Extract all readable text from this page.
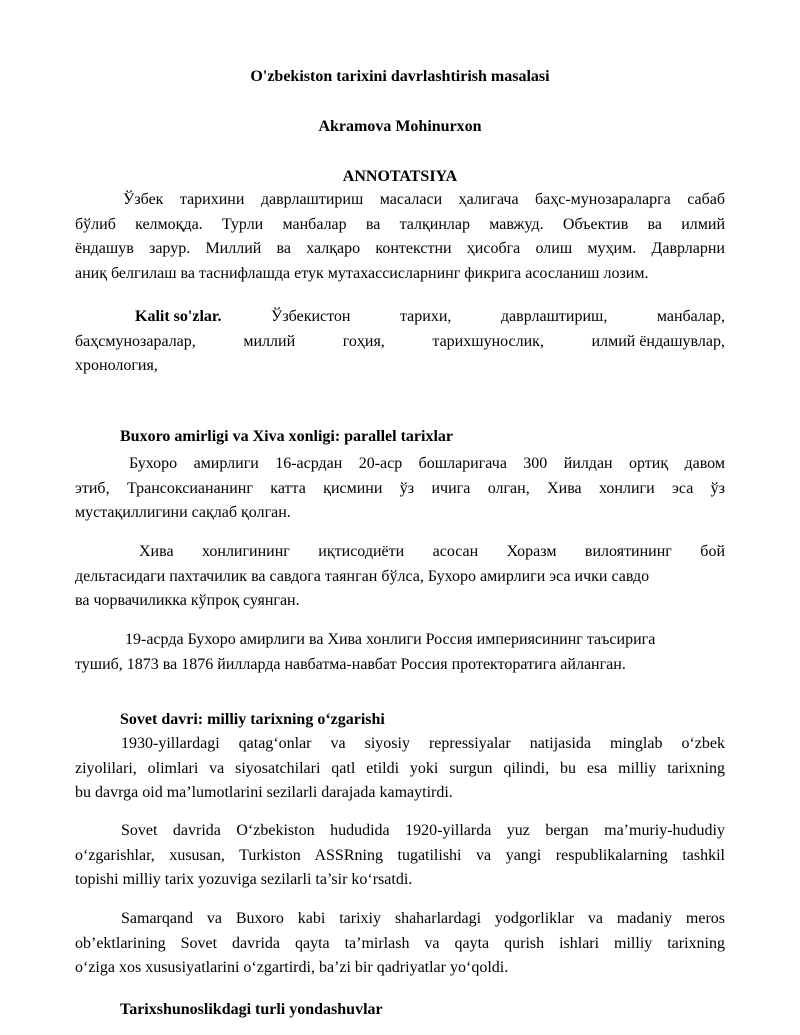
O'zbekiston tarixini davrlashtirish masalasi
Akramova Mohinurxon
ANNOTATSIYA
Ўзбек тарихини даврлаштириш масаласи ҳалигача баҳс-мунозараларга сабаб
бўлиб келмоқда. Турли манбалар ва талқинлар мавжуд. Объектив ва илмий
ёндашув зарур. Миллий ва халқаро контекстни ҳисобга олиш муҳим. Даврларни
аниқ белгилаш ва таснифлашда етук мутахассисларнинг фикрига асосланиш лозим.
Kalit so'zlar.	Ўзбекистон	тарихи,	даврлаштириш,	манбалар,
баҳсмунозаралар,	миллий	гоҳия,	тарихшунослик,	илмий ёндашувлар,
хронология,
Buxoro amirligi va Xiva xonligi: parallel tarixlar
Бухоро амирлиги 16-асрдан 20-аср бошларигача 300 йилдан ортиқ давом
этиб, Трансоксиананинг катта қисмини ўз ичига олган, Хива хонлиги эса ўз
мустақиллигини сақлаб қолган.
Хива хонлигининг иқтисодиёти асосан Хоразм вилоятининг бой
дельтасидаги пахтачилик ва савдога таянган бўлса, Бухоро амирлиги эса ички савдо
ва чорвачиликка кўпроқ суянган.
19-асрда Бухоро амирлиги ва Хива хонлиги Россия империясининг таъсирига
тушиб, 1873 ва 1876 йилларда навбатма-навбат Россия протекторатига айланган.
Sovet davri: milliy tarixning o‘zgarishi
1930-yillardagi qatag‘onlar va siyosiy repressiyalar natijasida minglab o‘zbek
ziyolilari, olimlari va siyosatchilari qatl etildi yoki surgun qilindi, bu esa milliy tarixning
bu davrga oid ma’lumotlarini sezilarli darajada kamaytirdi.
Sovet davrida O‘zbekiston hududida 1920-yillarda yuz bergan ma’muriy-hududiy
o‘zgarishlar, xususan, Turkiston ASSRning tugatilishi va yangi respublikalarning tashkil
topishi milliy tarix yozuviga sezilarli ta’sir ko‘rsatdi.
Samarqand va Buxoro kabi tarixiy shaharlardagi yodgorliklar va madaniy meros
ob’ektlarining Sovet davrida qayta ta’mirlash va qayta qurish ishlari milliy tarixning
o‘ziga xos xususiyatlarini o‘zgartirdi, ba’zi bir qadriyatlar yo‘qoldi.
Tarixshunoslikdagi turli yondashuvlar
